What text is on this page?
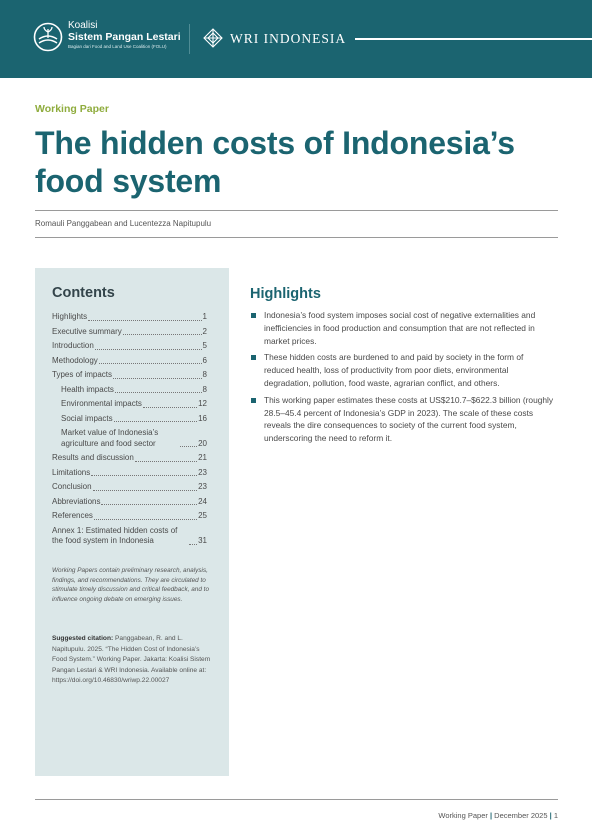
Koalisi
Sistem Pangan Lestari
Bagian dari Food and Land Use Coalition (FOLU)
WRI INDONESIA
Working Paper
The hidden costs of Indonesia’s food system
Romauli Panggabean and Lucentezza Napitupulu
Contents
Highlights	1
Executive summary	2
Introduction	5
Methodology	6
Types of impacts	8
Health impacts	8
Environmental impacts	12
Social impacts	16
Market value of Indonesia’s agriculture and food sector	20
Results and discussion	21
Limitations	23
Conclusion	23
Abbreviations	24
References	25
Annex 1: Estimated hidden costs of the food system in Indonesia	31
Working Papers contain preliminary research, analysis, findings, and recommendations. They are circulated to stimulate timely discussion and critical feedback, and to influence ongoing debate on emerging issues.
Suggested citation: Panggabean, R. and L. Napitupulu. 2025. “The Hidden Cost of Indonesia’s Food System.” Working Paper. Jakarta: Koalisi Sistem Pangan Lestari & WRI Indonesia. Available online at: https://doi.org/10.46830/wriwp.22.00027
Highlights
Indonesia’s food system imposes social cost of negative externalities and inefficiencies in food production and consumption that are not reflected in market prices.
These hidden costs are burdened to and paid by society in the form of reduced health, loss of productivity from poor diets, environmental degradation, pollution, food waste, agrarian conflict, and others.
This working paper estimates these costs at US$210.7–$622.3 billion (roughly 28.5–45.4 percent of Indonesia’s GDP in 2023). The scale of these costs reveals the dire consequences to society of the current food system, underscoring the need to reform it.
Working Paper | December 2025 | 1
